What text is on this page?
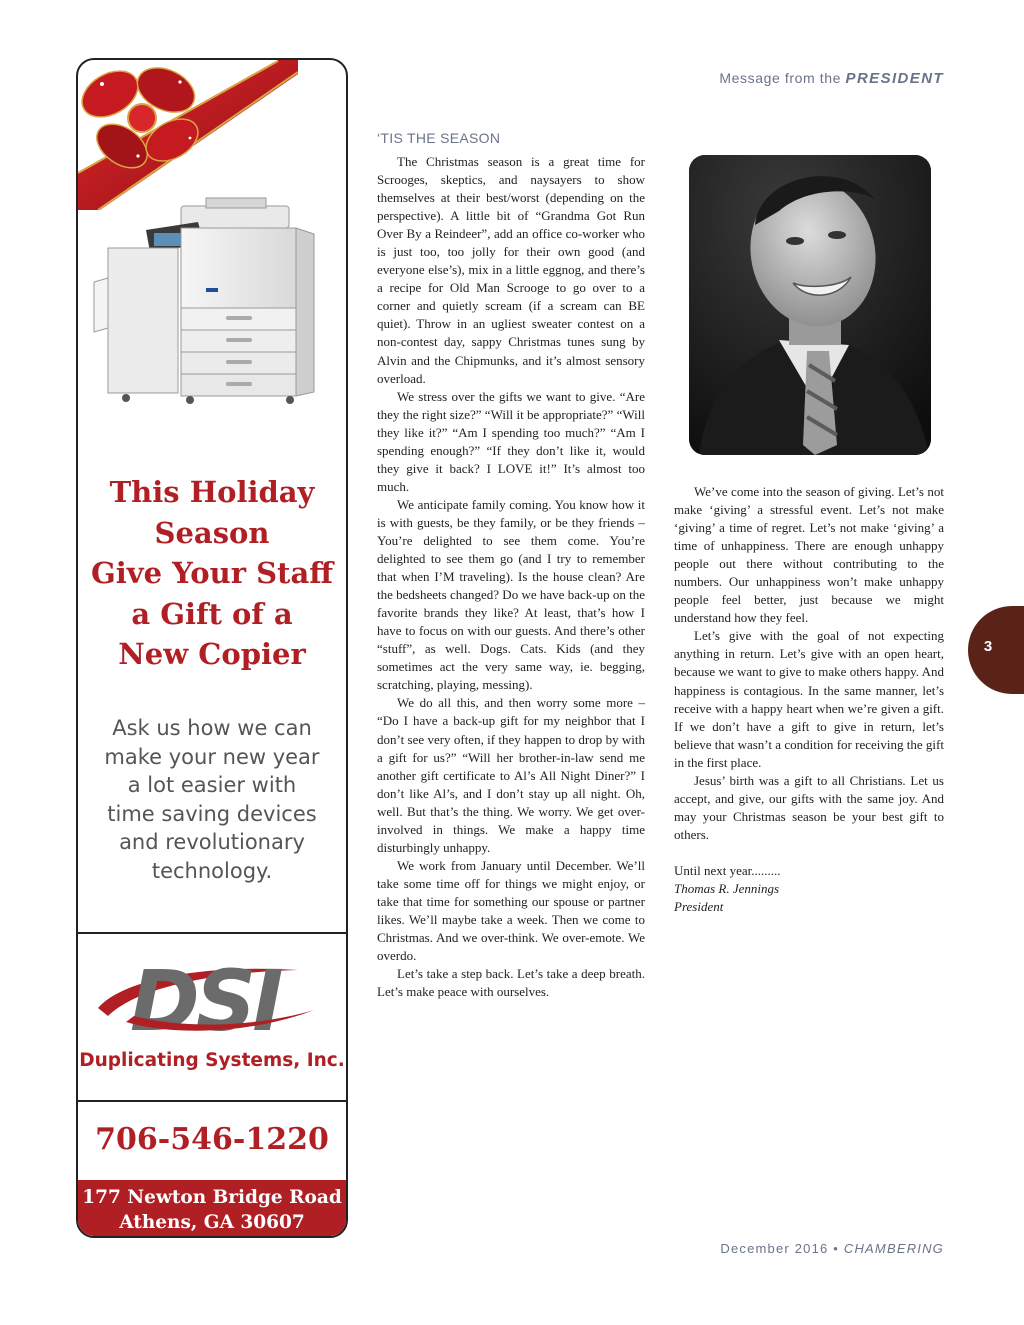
Message from the PRESIDENT
This Holiday
Season
Give Your Staff
a Gift of a
New Copier
Ask us how we can
make your new year
a lot easier with
time saving devices
and revolutionary
technology.
DSI
Duplicating Systems, Inc.
706-546-1220
177 Newton Bridge Road
Athens, GA 30607
‘TIS THE SEASON

The Christmas season is a great time for Scrooges, skeptics, and naysayers to show themselves at their best/worst (depending on the perspective). A little bit of “Grandma Got Run Over By a Reindeer”, add an office co-worker who is just too, too jolly for their own good (and everyone else’s), mix in a little eggnog, and there’s a recipe for Old Man Scrooge to go over to a corner and quietly scream (if a scream can BE quiet). Throw in an ugliest sweater contest on a non-contest day, sappy Christmas tunes sung by Alvin and the Chipmunks, and it’s almost sensory overload.

We stress over the gifts we want to give. “Are they the right size?” “Will it be appropriate?” “Will they like it?” “Am I spending too much?” “Am I spending enough?” “If they don’t like it, would they give it back? I LOVE it!” It’s almost too much.

We anticipate family coming. You know how it is with guests, be they family, or be they friends – You’re delighted to see them come. You’re delighted to see them go (and I try to remember that when I’M traveling). Is the house clean? Are the bedsheets changed? Do we have back-up on the favorite brands they like? At least, that’s how I have to focus on with our guests. And there’s other “stuff”, as well. Dogs. Cats. Kids (and they sometimes act the very same way, ie. begging, scratching, playing, messing).

We do all this, and then worry some more – “Do I have a back-up gift for my neighbor that I don’t see very often, if they happen to drop by with a gift for us?” “Will her brother-in-law send me another gift certificate to Al’s All Night Diner?” I don’t like Al’s, and I don’t stay up all night. Oh, well. But that’s the thing. We worry. We get over-involved in things. We make a happy time disturbingly unhappy.

We work from January until December. We’ll take some time off for things we might enjoy, or take that time for something our spouse or partner likes. We’ll maybe take a week. Then we come to Christmas. And we over-think. We over-emote. We overdo.

Let’s take a step back. Let’s take a deep breath. Let’s make peace with ourselves.

We’ve come into the season of giving. Let’s not make ‘giving’ a stressful event. Let’s not make ‘giving’ a time of regret. Let’s not make ‘giving’ a time of unhappiness. There are enough unhappy people out there without contributing to the numbers. Our unhappiness won’t make unhappy people feel better, just because we might understand how they feel.

Let’s give with the goal of not expecting anything in return. Let’s give with an open heart, because we want to give to make others happy. And happiness is contagious. In the same manner, let’s receive with a happy heart when we’re given a gift. If we don’t have a gift to give in return, let’s believe that wasn’t a condition for receiving the gift in the first place.

Jesus’ birth was a gift to all Christians. Let us accept, and give, our gifts with the same joy. And may your Christmas season be your best gift to others.

Until next year.........

Thomas R. Jennings

President

3
December 2016 • CHAMBERING
